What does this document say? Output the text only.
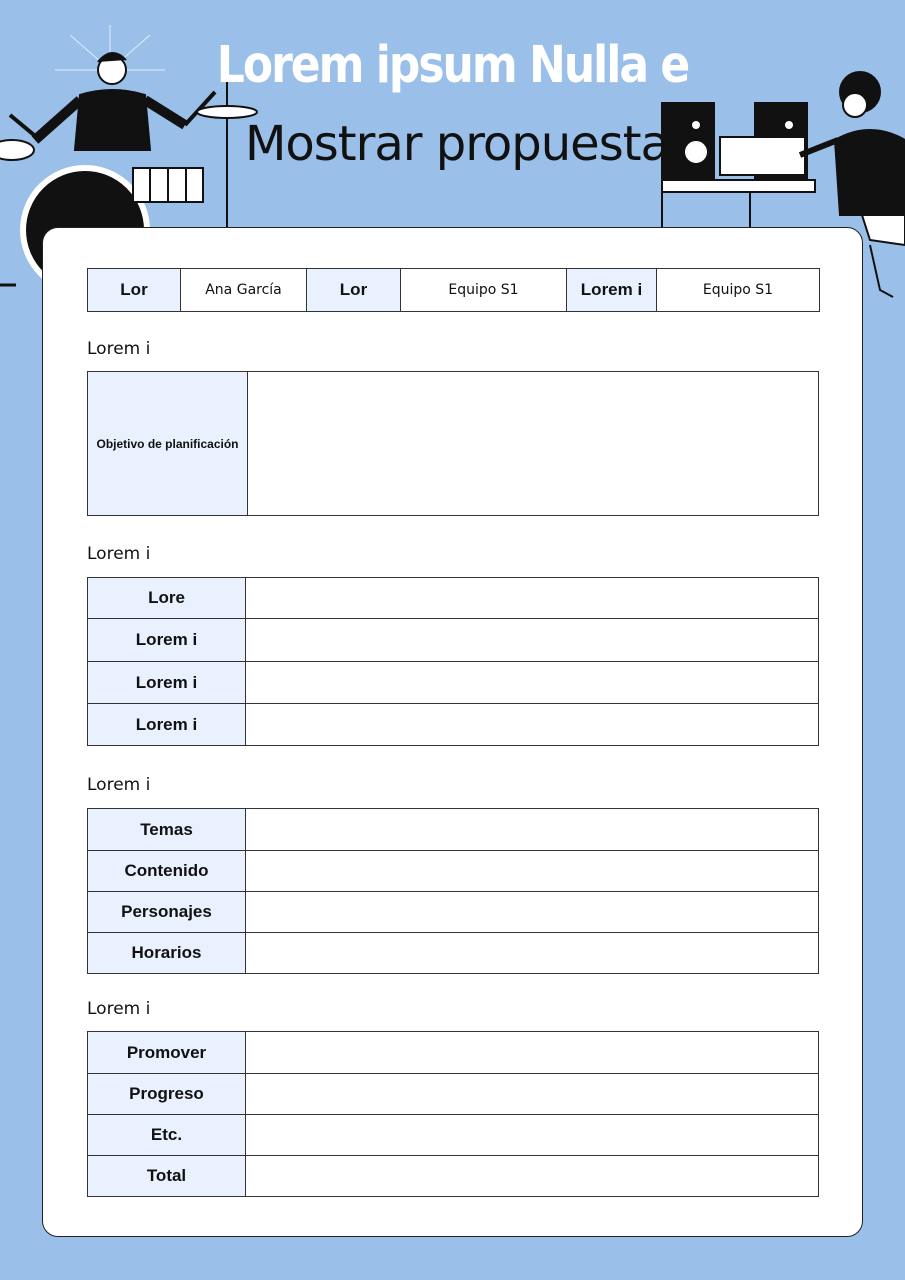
Lorem ipsum Nulla e
Mostrar propuesta
Lor	Ana García	Lor	Equipo S1	Lorem i	Equipo S1
Lorem i
Objetivo de planificación	
Lorem i
Lore	
Lorem i	
Lorem i	
Lorem i	
Lorem i
Temas	
Contenido	
Personajes	
Horarios	
Lorem i
Promover	
Progreso	
Etc.	
Total	
